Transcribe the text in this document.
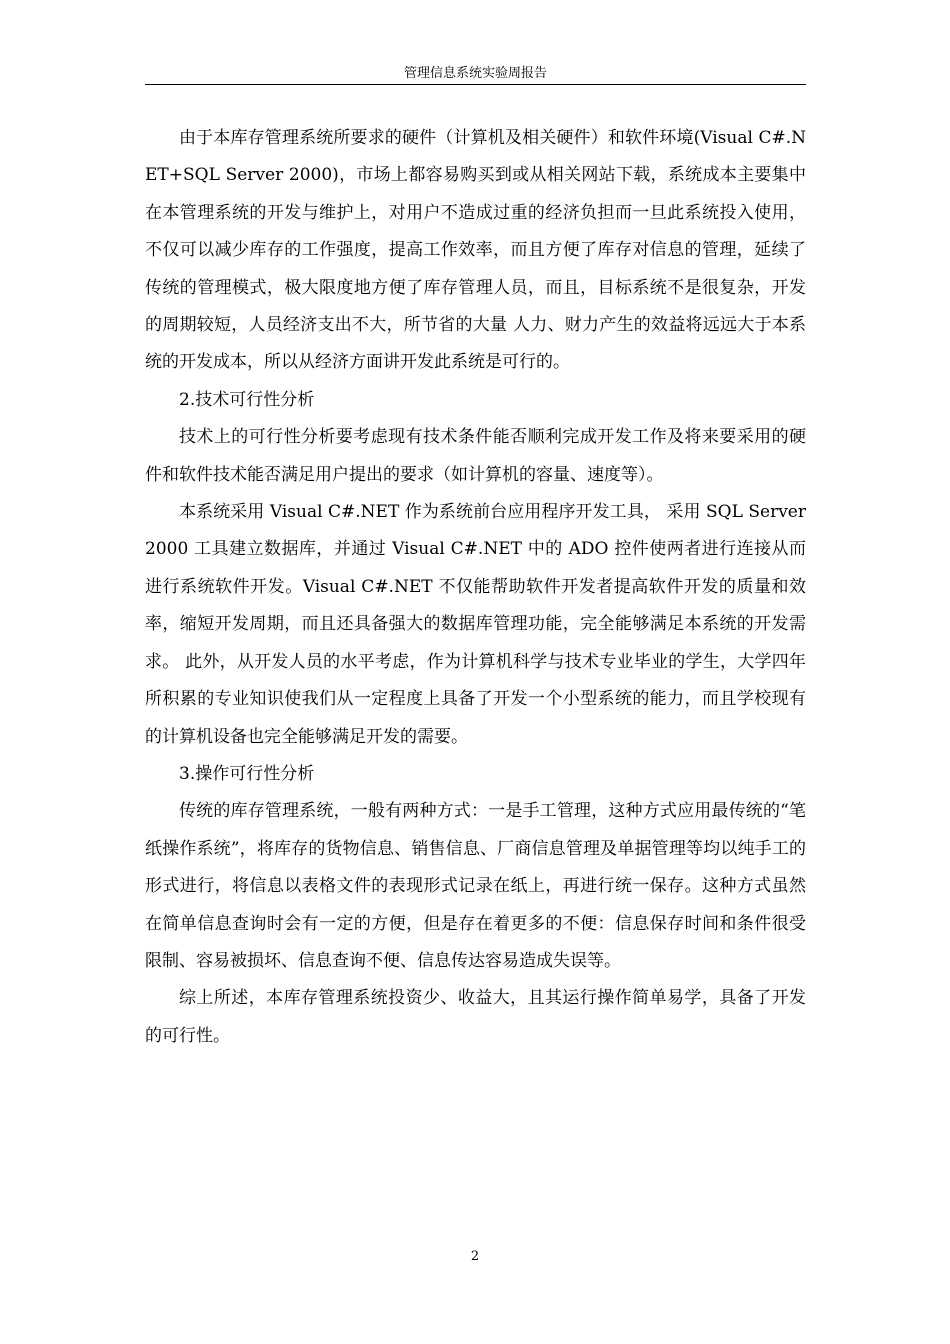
管理信息系统实验周报告

由于本库存管理系统所要求的硬件（计算机及相关硬件）和软件环境(Visual C#.NET+SQL Server 2000)，市场上都容易购买到或从相关网站下载，系统成本主要集中在本管理系统的开发与维护上，对用户不造成过重的经济负担而一旦此系统投入使用，不仅可以减少库存的工作强度，提高工作效率，而且方便了库存对信息的管理，延续了传统的管理模式，极大限度地方便了库存管理人员，而且，目标系统不是很复杂，开发的周期较短，人员经济支出不大，所节省的大量 人力、财力产生的效益将远远大于本系统的开发成本，所以从经济方面讲开发此系统是可行的。

2.技术可行性分析

技术上的可行性分析要考虑现有技术条件能否顺利完成开发工作及将来要采用的硬件和软件技术能否满足用户提出的要求（如计算机的容量、速度等）。

本系统采用 Visual C#.NET 作为系统前台应用程序开发工具， 采用 SQL Server 2000 工具建立数据库，并通过 Visual C#.NET 中的 ADO 控件使两者进行连接从而进行系统软件开发。Visual C#.NET 不仅能帮助软件开发者提高软件开发的质量和效率，缩短开发周期，而且还具备强大的数据库管理功能，完全能够满足本系统的开发需求。 此外，从开发人员的水平考虑，作为计算机科学与技术专业毕业的学生，大学四年所积累的专业知识使我们从一定程度上具备了开发一个小型系统的能力，而且学校现有的计算机设备也完全能够满足开发的需要。

3.操作可行性分析

传统的库存管理系统，一般有两种方式：一是手工管理，这种方式应用最传统的“笔纸操作系统”，将库存的货物信息、销售信息、厂商信息管理及单据管理等均以纯手工的形式进行，将信息以表格文件的表现形式记录在纸上，再进行统一保存。这种方式虽然在简单信息查询时会有一定的方便，但是存在着更多的不便：信息保存时间和条件很受限制、容易被损坏、信息查询不便、信息传达容易造成失误等。

综上所述，本库存管理系统投资少、收益大，且其运行操作简单易学，具备了开发的可行性。

2
